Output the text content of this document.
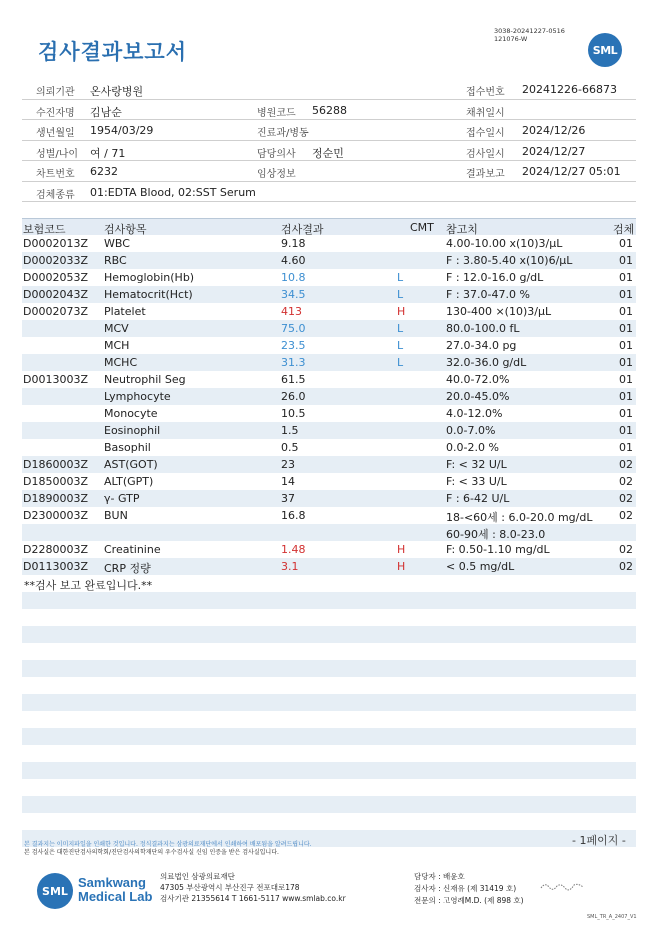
검사결과보고서
3038-20241227-0516
121076-W
SML
의뢰기관 온사랑병원	접수번호 20241226-66873
수진자명 김남순	병원코드 56288	채취일시
생년월일 1954/03/29	진료과/병동	접수일시 2024/12/26
성별/나이 여 / 71	담당의사 정순민	검사일시 2024/12/27
차트번호 6232	임상정보	결과보고 2024/12/27 05:01
검체종류 01:EDTA Blood, 02:SST Serum
보험코드	검사항목	검사결과	CMT 참고치	검체
D0002013Z WBC	9.18	4.00-10.00 x(10)3/μL	01
D0002033Z RBC	4.60	F : 3.80-5.40 x(10)6/μL	01
D0002053Z Hemoglobin(Hb)	10.8	L	F : 12.0-16.0 g/dL	01
D0002043Z Hematocrit(Hct)	34.5	L	F : 37.0-47.0 %	01
D0002073Z Platelet	413	H	130-400 ×(10)3/μL	01
MCV	75.0	L	80.0-100.0 fL	01
MCH	23.5	L	27.0-34.0 pg	01
MCHC	31.3	L	32.0-36.0 g/dL	01
D0013003Z Neutrophil Seg	61.5	40.0-72.0%	01
Lymphocyte	26.0	20.0-45.0%	01
Monocyte	10.5	4.0-12.0%	01
Eosinophil	1.5	0.0-7.0%	01
Basophil	0.5	0.0-2.0 %	01
D1860003Z AST(GOT)	23	F: < 32 U/L	02
D1850003Z ALT(GPT)	14	F: < 33 U/L	02
D1890003Z γ- GTP	37	F : 6-42 U/L	02
D2300003Z BUN	16.8	18-<60세 : 6.0-20.0 mg/dL 02
60-90세 : 8.0-23.0
D2280003Z Creatinine	1.48	H	F: 0.50-1.10 mg/dL	02
D0113003Z CRP 정량	3.1	H	< 0.5 mg/dL	02
**검사 보고 완료입니다.**
- 1페이지 -
본 결과지는 이미지파일을 인쇄한 것입니다. 정식결과지는 삼광의료재단에서 인쇄하여 배포됨을 알려드립니다.
본 검사실은 대한진단검사의학회/진단검사의학재단의 우수검사실 신임 인증을 받은 검사실입니다.
SML
Samkwang
Medical Lab
의료법인 삼광의료재단
47305 부산광역시 부산진구 전포대로178
검사기관 21355614 T 1661-5117 www.smlab.co.kr
담당자 : 배윤호
검사자 : 신재유 (제 31419 호)
전문의 : 고영례M.D. (제 898 호)
SML_TR_A_2407_V1
